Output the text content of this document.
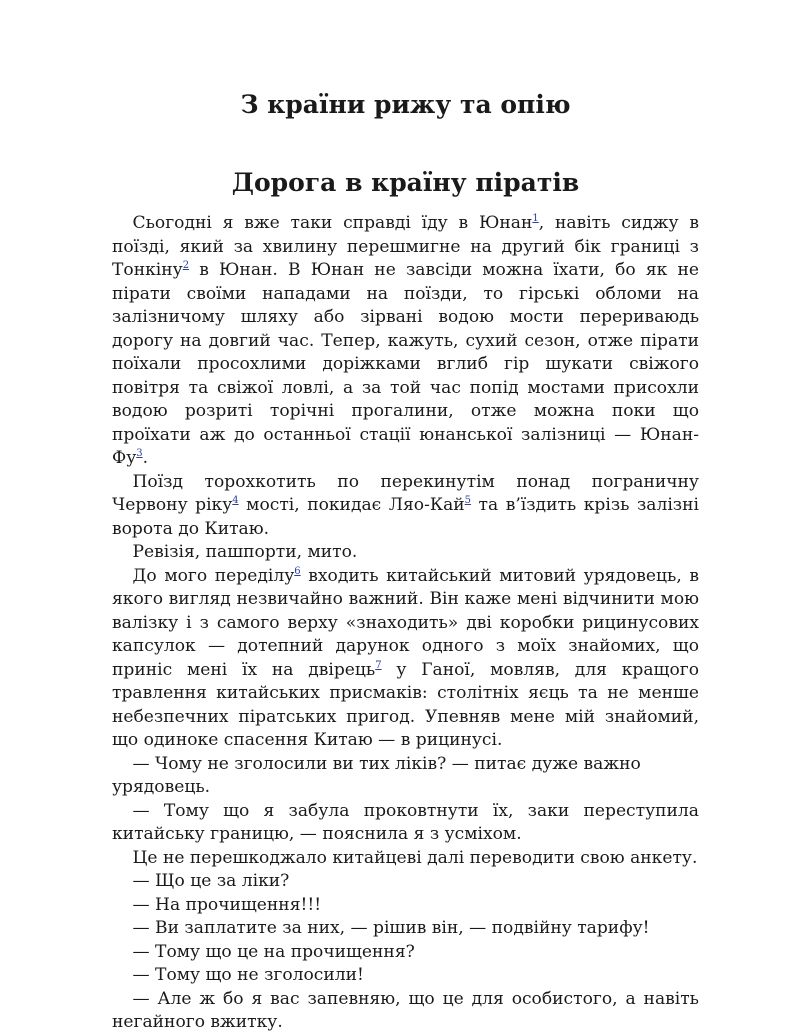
З країни рижу та опію
Дорога в країну піратів

Сьогодні я вже таки справді їду в Юнан$^1$, навіть сиджу в поїзді, який за хвилину перешмигне на другий бік границі з Тонкіну$^2$ в Юнан. В Юнан не завсіди можна їхати, бо як не пірати своїми нападами на поїзди, то гірські обломи на залізничому шляху або зірвані водою мости перериваюдь дорогу на довгий час. Тепер, кажуть, сухий сезон, отже пірати поїхали просохлими доріжками вглиб гір шукати свіжого повітря та свіжої ловлі, а за той час попід мостами присохли водою розриті торічні прогалини, отже можна поки що проїхати аж до останньої стації юнанської залізниці — Юнан-$Фу^3$.

Поїзд торохкотить по перекинутім понад пограничну Червону ріку$^4$ мості, покидає Ляо-Кай$^5$ та в’їздить крізь залізні ворота до Китаю.

Ревізія, пашпорти, мито.

До мого переділу$^6$ входить китайський митовий урядовець, в якого вигляд незвичайно важний. Він каже мені відчинити мою валізку і з самого верху «знаходить» дві коробки рицинусових капсулок — дотепний дарунок одного з моїх знайомих, що приніс мені їх на двірець$^7$ у Ганої, мовляв, для кращого травлення китайських присмаків: столітніх яєць та не менше небезпечних піратських пригод. Упевняв мене мій знайомий, що одиноке спасення Китаю — в рицинусі.

— Чому не зголосили ви тих ліків? — питає дуже важно урядовець.

— Тому що я забула проковтнути їх, заки переступила китайську границю, — пояснила я з усміхом.

Це не перешкоджало китайцеві далі переводити свою анкету.

— Що це за ліки?

— На прочищення!!!

— Ви заплатите за них, — рішив він, — подвійну тарифу!

— Тому що це на прочищення?

— Тому що не зголосили!

— Але ж бо я вас запевняю, що це для особистого, а навіть негайного вжитку.
